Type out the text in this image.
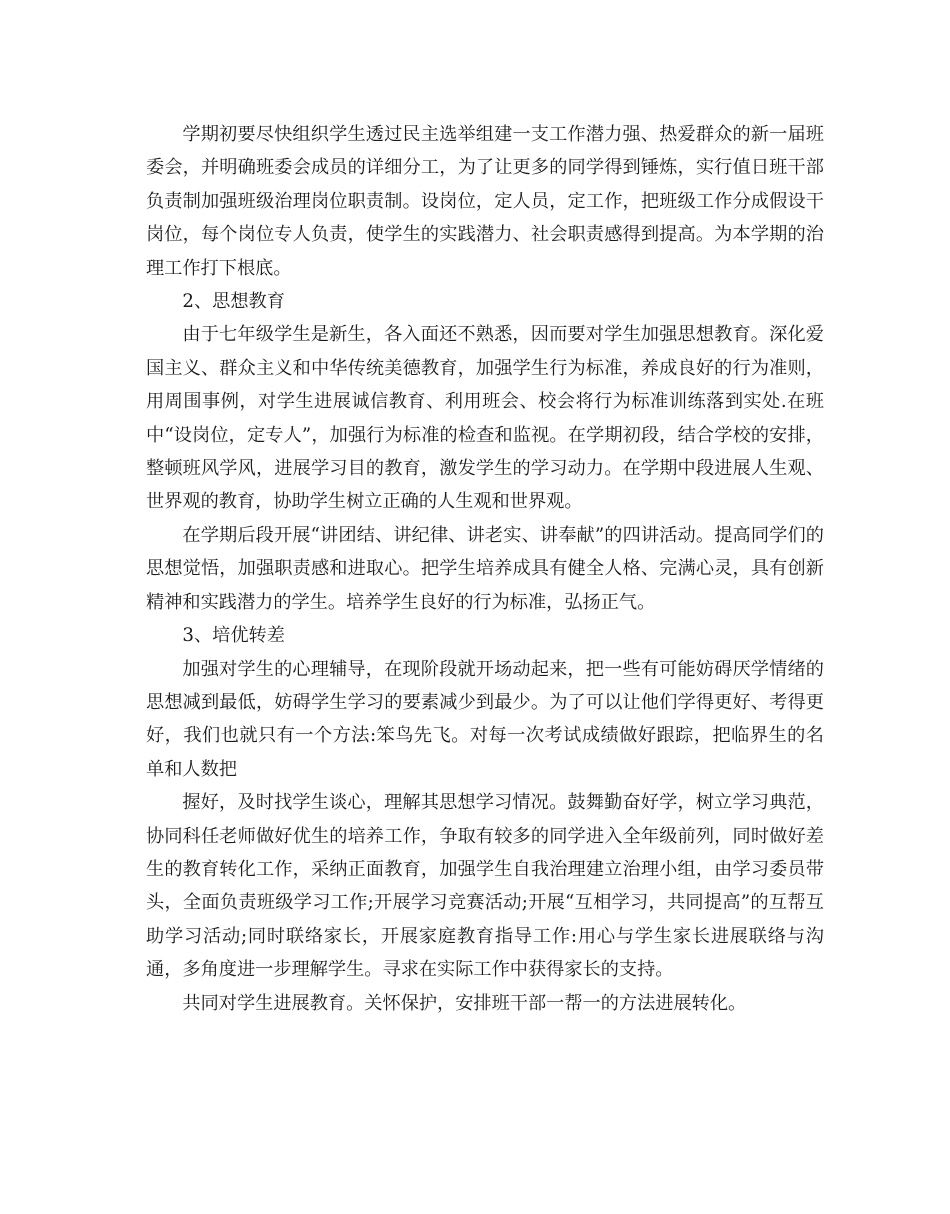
学期初要尽快组织学生透过民主选举组建一支工作潜力强、热爱群众的新一届班委会，并明确班委会成员的详细分工，为了让更多的同学得到锤炼，实行值日班干部负责制加强班级治理岗位职责制。设岗位，定人员，定工作，把班级工作分成假设干岗位，每个岗位专人负责，使学生的实践潜力、社会职责感得到提高。为本学期的治理工作打下根底。

2、思想教育

由于七年级学生是新生，各入面还不熟悉，因而要对学生加强思想教育。深化爱国主义、群众主义和中华传统美德教育，加强学生行为标准，养成良好的行为准则，用周围事例，对学生进展诚信教育、利用班会、校会将行为标准训练落到实处.在班中“设岗位，定专人”，加强行为标准的检查和监视。在学期初段，结合学校的安排，整顿班风学风，进展学习目的教育，激发学生的学习动力。在学期中段进展人生观、世界观的教育，协助学生树立正确的人生观和世界观。

在学期后段开展“讲团结、讲纪律、讲老实、讲奉献”的四讲活动。提高同学们的思想觉悟，加强职责感和进取心。把学生培养成具有健全人格、完满心灵，具有创新精神和实践潜力的学生。培养学生良好的行为标准，弘扬正气。

3、培优转差

加强对学生的心理辅导，在现阶段就开场动起来，把一些有可能妨碍厌学情绪的思想减到最低，妨碍学生学习的要素减少到最少。为了可以让他们学得更好、考得更好，我们也就只有一个方法:笨鸟先飞。对每一次考试成绩做好跟踪，把临界生的名单和人数把

握好，及时找学生谈心，理解其思想学习情况。鼓舞勤奋好学，树立学习典范，协同科任老师做好优生的培养工作，争取有较多的同学进入全年级前列，同时做好差生的教育转化工作，采纳正面教育，加强学生自我治理建立治理小组，由学习委员带头，全面负责班级学习工作;开展学习竞赛活动;开展“互相学习，共同提高”的互帮互助学习活动;同时联络家长，开展家庭教育指导工作:用心与学生家长进展联络与沟通，多角度进一步理解学生。寻求在实际工作中获得家长的支持。

共同对学生进展教育。关怀保护，安排班干部一帮一的方法进展转化。
